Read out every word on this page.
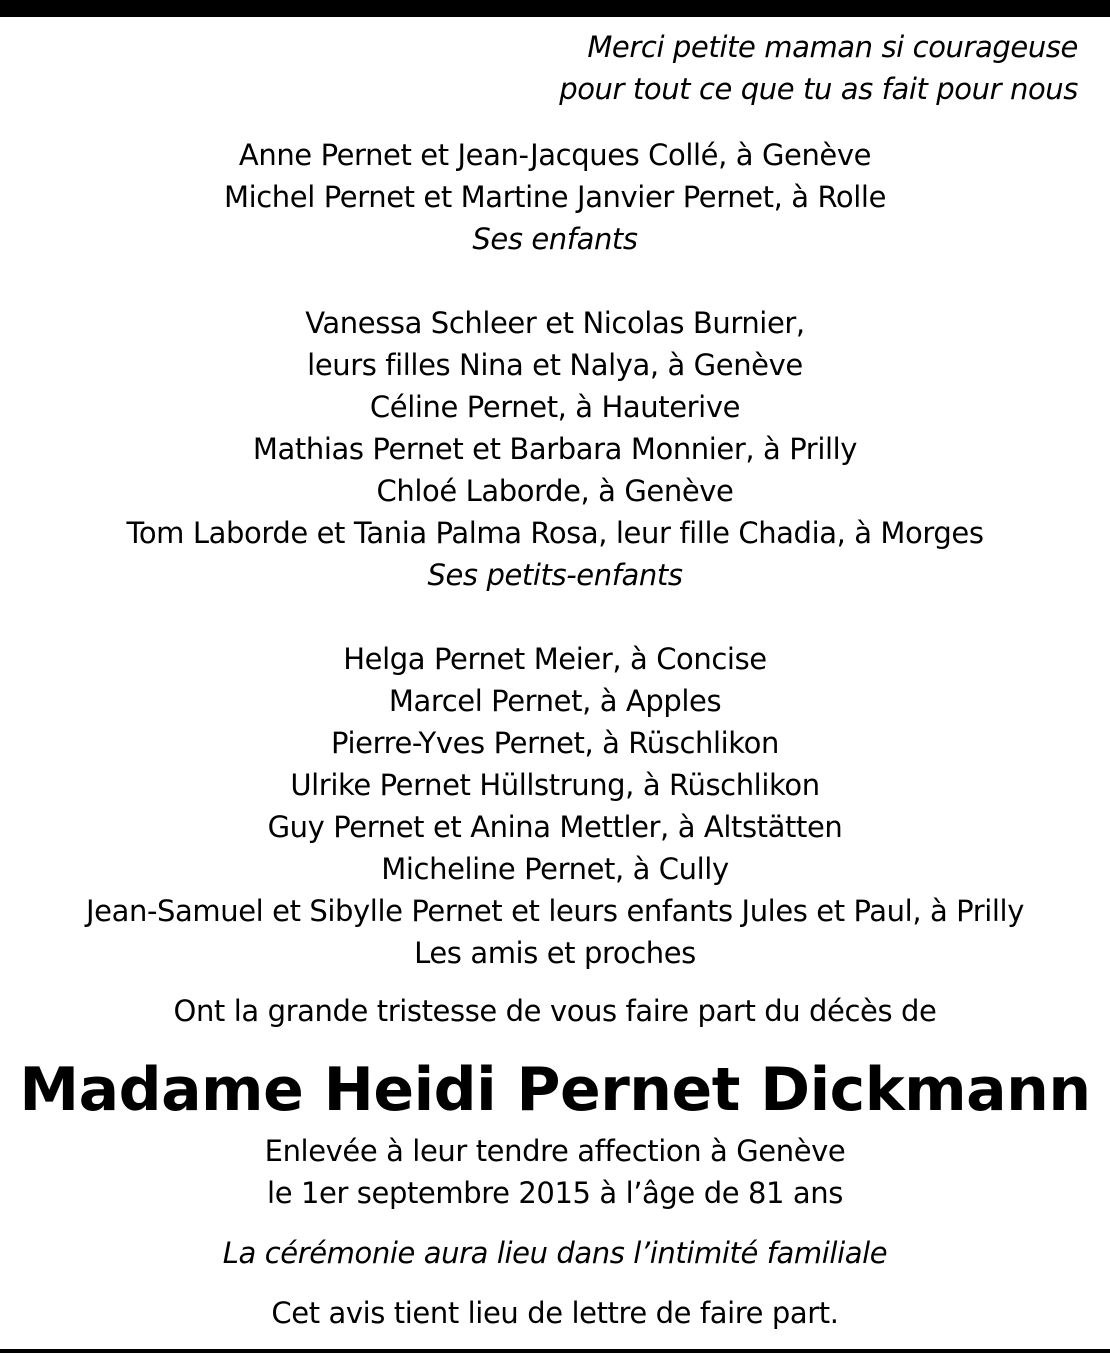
Merci petite maman si courageuse
pour tout ce que tu as fait pour nous
Anne Pernet et Jean-Jacques Collé, à Genève
Michel Pernet et Martine Janvier Pernet, à Rolle
Ses enfants
Vanessa Schleer et Nicolas Burnier,
leurs filles Nina et Nalya, à Genève
Céline Pernet, à Hauterive
Mathias Pernet et Barbara Monnier, à Prilly
Chloé Laborde, à Genève
Tom Laborde et Tania Palma Rosa, leur fille Chadia, à Morges
Ses petits-enfants
Helga Pernet Meier, à Concise
Marcel Pernet, à Apples
Pierre-Yves Pernet, à Rüschlikon
Ulrike Pernet Hüllstrung, à Rüschlikon
Guy Pernet et Anina Mettler, à Altstätten
Micheline Pernet, à Cully
Jean-Samuel et Sibylle Pernet et leurs enfants Jules et Paul, à Prilly
Les amis et proches
Ont la grande tristesse de vous faire part du décès de
Madame Heidi Pernet Dickmann
Enlevée à leur tendre affection à Genève
le 1er septembre 2015 à l’âge de 81 ans
La cérémonie aura lieu dans l’intimité familiale
Cet avis tient lieu de lettre de faire part.
